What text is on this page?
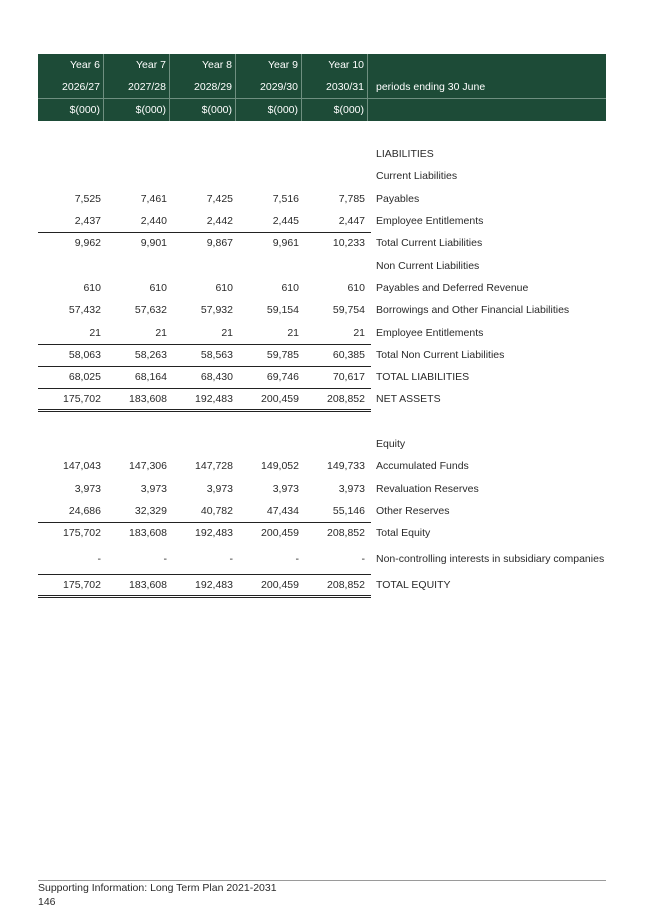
Year 6	Year 7	Year 8	Year 9	Year 10
2026/27	2027/28	2028/29	2029/30	2030/31	periods ending 30 June
$(000)	$(000)	$(000)	$(000)	$(000)
LIABILITIES
Current Liabilities
7,525	7,461	7,425	7,516	7,785	Payables
2,437	2,440	2,442	2,445	2,447	Employee Entitlements
9,962	9,901	9,867	9,961	10,233	Total Current Liabilities
Non Current Liabilities
610	610	610	610	610	Payables and Deferred Revenue
57,432	57,632	57,932	59,154	59,754	Borrowings and Other Financial Liabilities
21	21	21	21	21	Employee Entitlements
58,063	58,263	58,563	59,785	60,385	Total Non Current Liabilities
68,025	68,164	68,430	69,746	70,617	TOTAL LIABILITIES
175,702	183,608	192,483	200,459	208,852	NET ASSETS
Equity
147,043	147,306	147,728	149,052	149,733	Accumulated Funds
3,973	3,973	3,973	3,973	3,973	Revaluation Reserves
24,686	32,329	40,782	47,434	55,146	Other Reserves
175,702	183,608	192,483	200,459	208,852	Total Equity
-	-	-	-	-	Non-controlling interests in subsidiary companies
175,702	183,608	192,483	200,459	208,852	TOTAL EQUITY
Supporting Information: Long Term Plan 2021-2031
146
